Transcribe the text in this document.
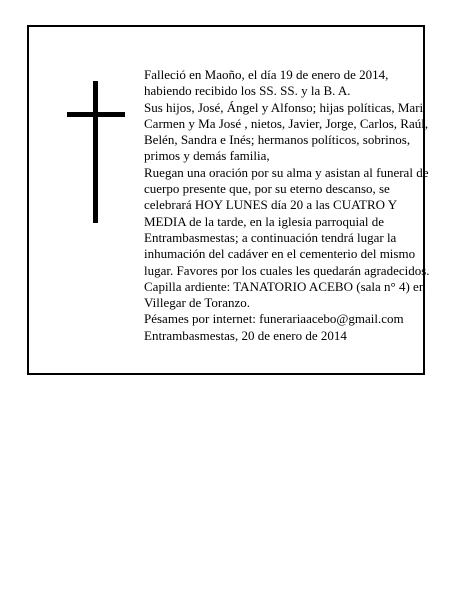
Falleció en Maoño, el día 19 de enero de 2014,
habiendo recibido los SS. SS. y la B. A.
Sus hijos, José, Ángel y Alfonso; hijas políticas, Mari
Carmen y Ma José , nietos, Javier, Jorge, Carlos, Raúl,
Belén, Sandra e Inés; hermanos políticos, sobrinos,
primos y demás familia,
Ruegan una oración por su alma y asistan al funeral de
cuerpo presente que, por su eterno descanso, se
celebrará HOY LUNES día 20 a las CUATRO Y
MEDIA de la tarde, en la iglesia parroquial de
Entrambasmestas; a continuación tendrá lugar la
inhumación del cadáver en el cementerio del mismo
lugar. Favores por los cuales les quedarán agradecidos.
Capilla ardiente: TANATORIO ACEBO (sala n° 4) en
Villegar de Toranzo.
Pésames por internet: funerariaacebo@gmail.com
Entrambasmestas, 20 de enero de 2014
